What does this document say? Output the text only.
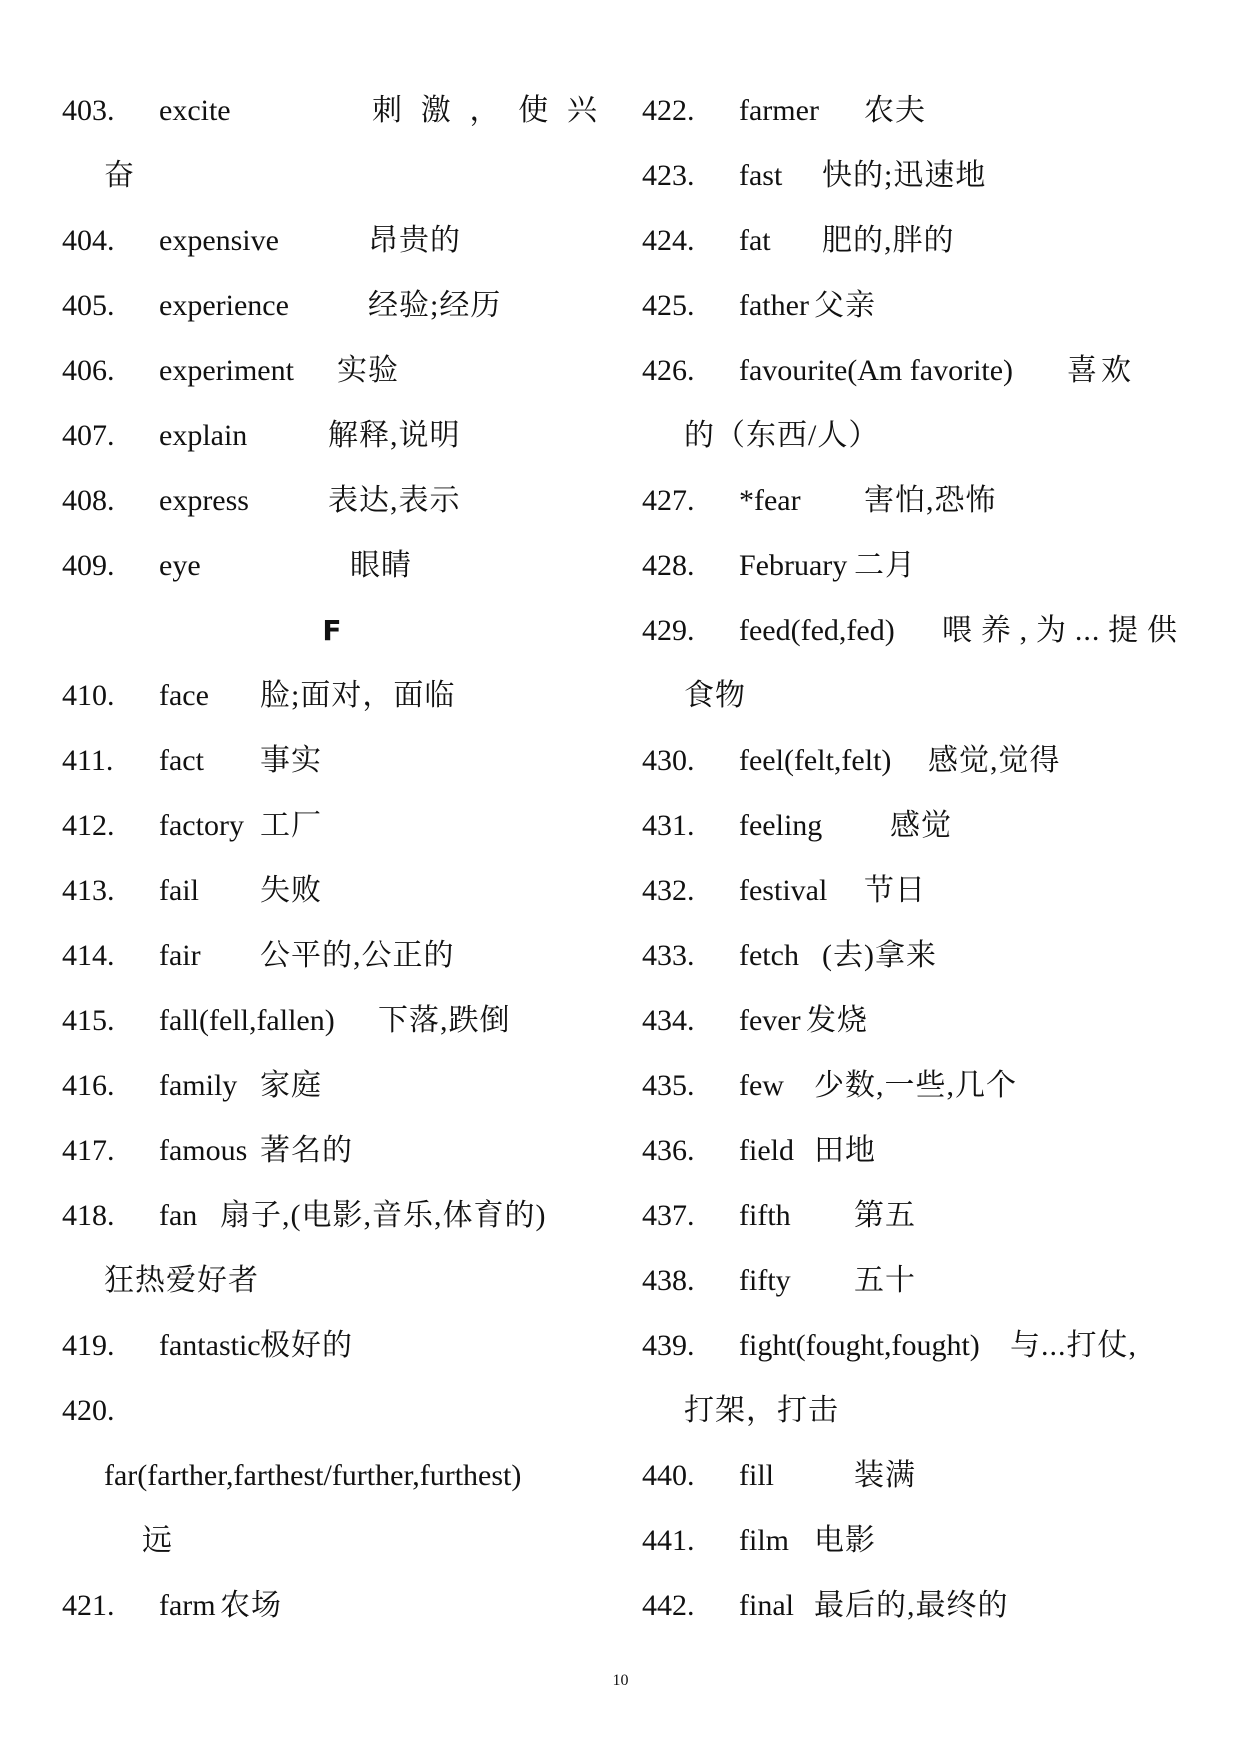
403. excite	刺 激 ， 使 兴
奋
404. expensive	昂贵的
405. experience	经验;经历
406. experiment 实验
407. explain	解释,说明
408. express	表达,表示
409. eye	眼睛
F
410. face 脸;面对，面临
411. fact 事实
412. factory 工厂
413. fail 失败
414. fair 公平的,公正的
415. fall(fell,fallen) 下落,跌倒
416. family 家庭
417. famous 著名的
418. fan 扇子,(电影,音乐,体育的)
狂热爱好者
419. fantastic 极好的
420.
far(farther,farthest/further,furthest)
远
421. farm 农场
422. farmer 农夫
423. fast 快的;迅速地
424. fat 肥的,胖的
425. father 父亲
426. favourite(Am favorite) 喜欢
的（东西/人）
427. *fear 害怕,恐怖
428. February 二月
429. feed(fed,fed) 喂 养 , 为 ... 提 供
食物
430. feel(felt,felt) 感觉,觉得
431. feeling 感觉
432. festival 节日
433. fetch (去)拿来
434. fever 发烧
435. few 少数,一些,几个
436. field 田地
437. fifth 第五
438. fifty 五十
439. fight(fought,fought) 与...打仗,
打架，打击
440. fill	装满
441. film 电影
442. final 最后的,最终的
10
